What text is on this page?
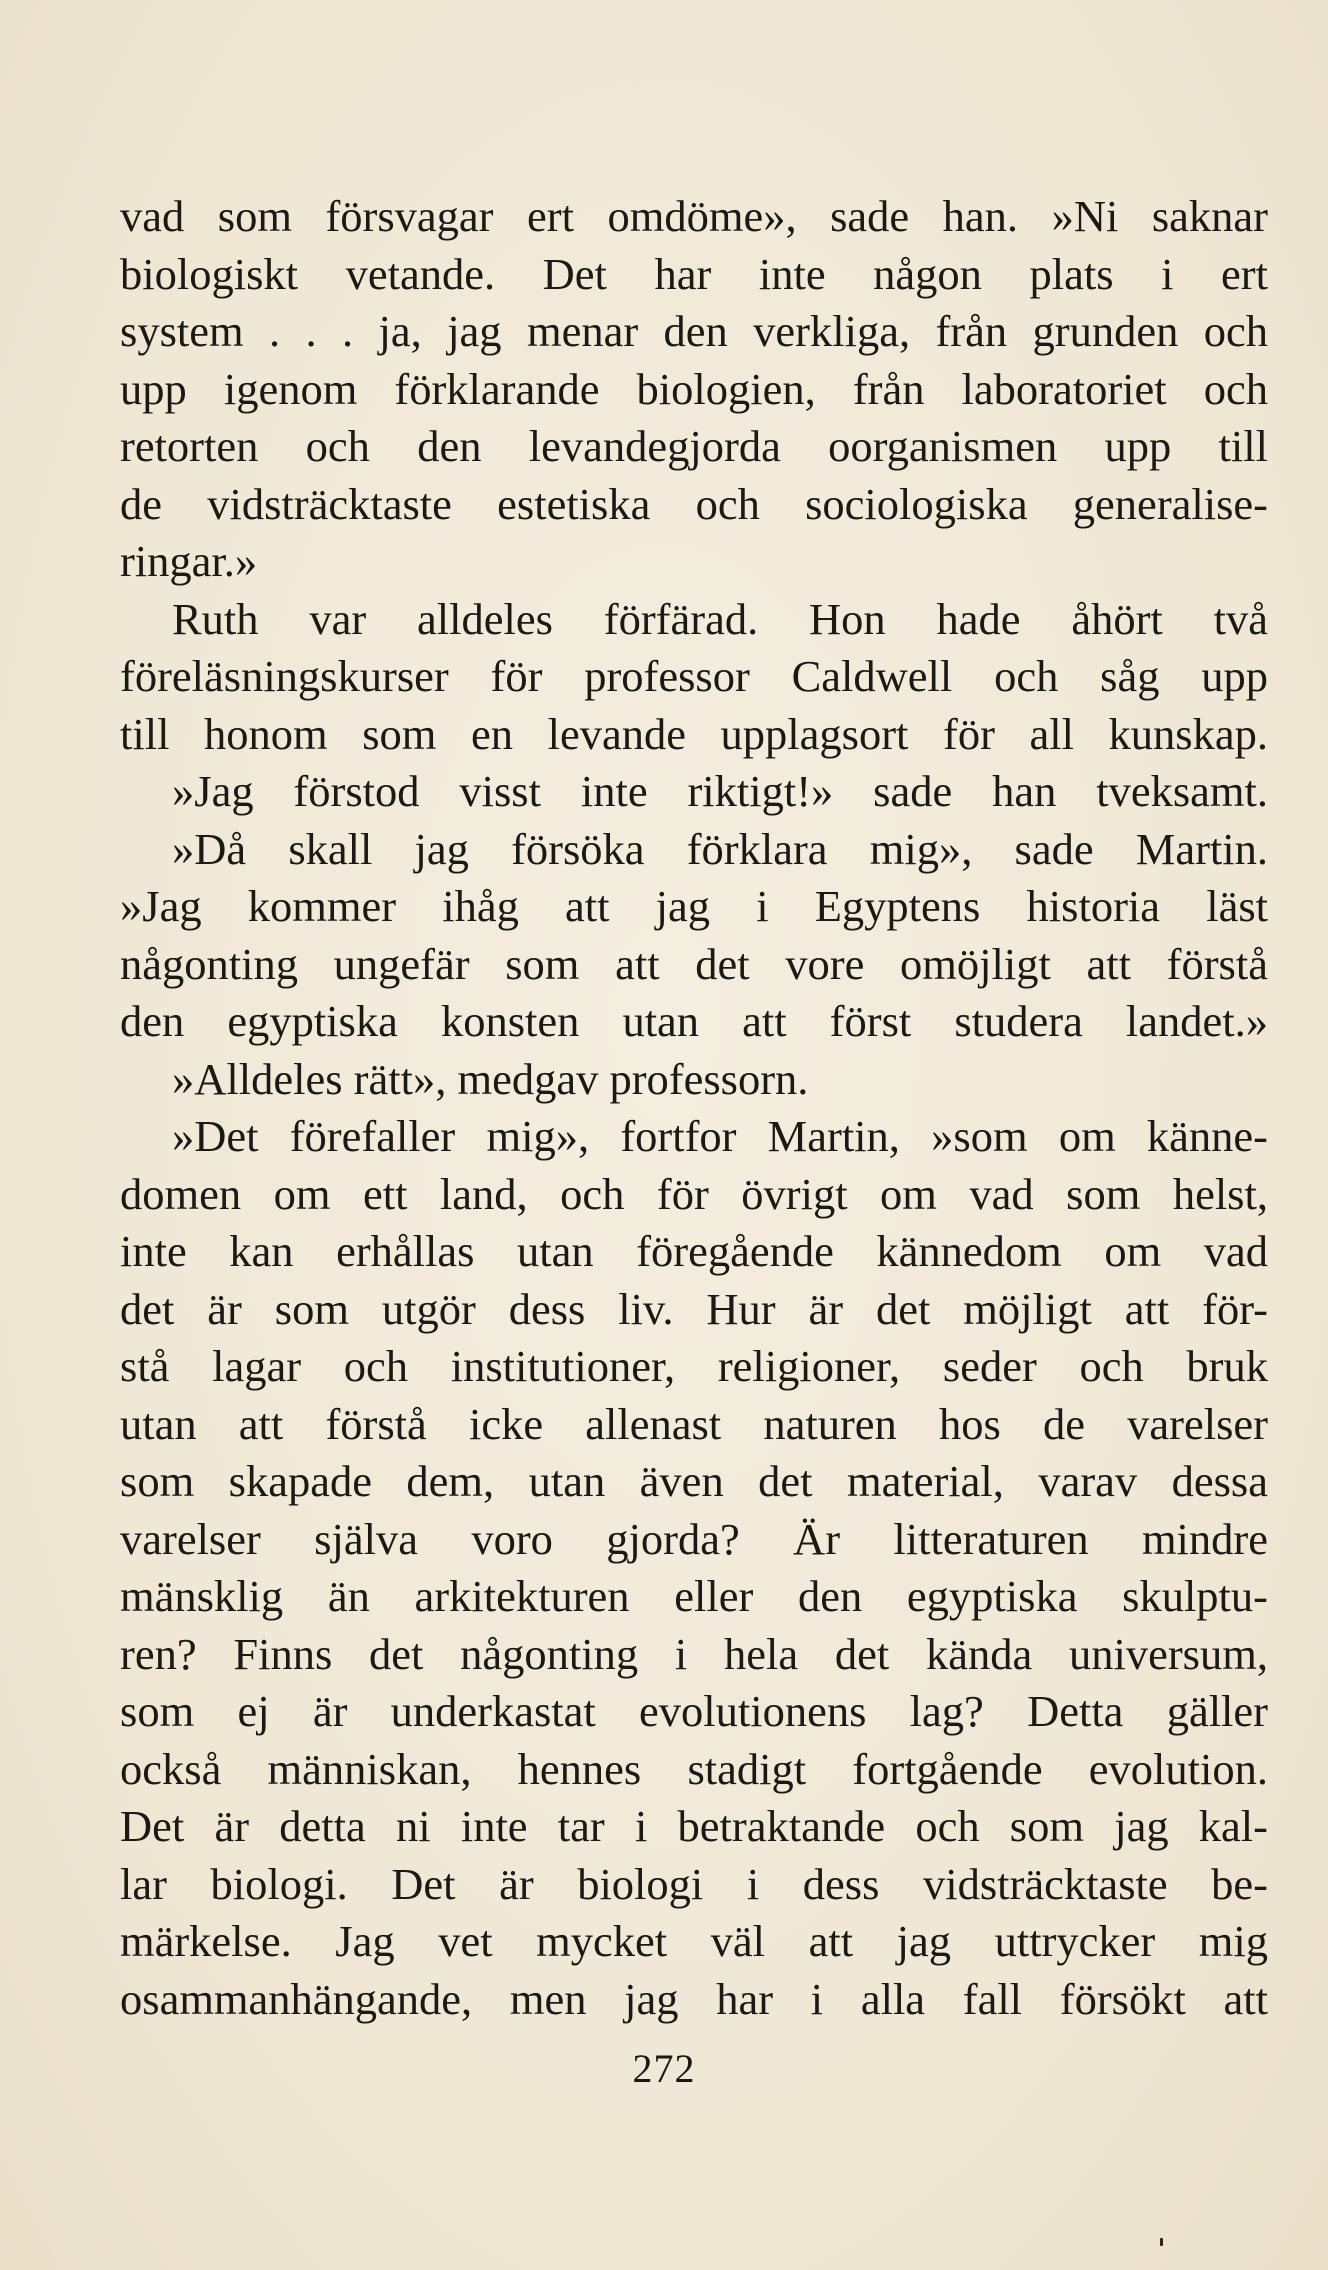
vad som försvagar ert omdöme», sade han. »Ni saknar
biologiskt vetande. Det har inte någon plats i ert
system . . . ja, jag menar den verkliga, från grunden och
upp igenom förklarande biologien, från laboratoriet och
retorten och den levandegjorda oorganismen upp till
de vidsträcktaste estetiska och sociologiska generalise-
ringar.»
Ruth var alldeles förfärad. Hon hade åhört två
föreläsningskurser för professor Caldwell och såg upp
till honom som en levande upplagsort för all kunskap.
»Jag förstod visst inte riktigt!» sade han tveksamt.
»Då skall jag försöka förklara mig», sade Martin.
»Jag kommer ihåg att jag i Egyptens historia läst
någonting ungefär som att det vore omöjligt att förstå
den egyptiska konsten utan att först studera landet.»
»Alldeles rätt», medgav professorn.
»Det förefaller mig», fortfor Martin, »som om känne-
domen om ett land, och för övrigt om vad som helst,
inte kan erhållas utan föregående kännedom om vad
det är som utgör dess liv. Hur är det möjligt att för-
stå lagar och institutioner, religioner, seder och bruk
utan att förstå icke allenast naturen hos de varelser
som skapade dem, utan även det material, varav dessa
varelser själva voro gjorda? Är litteraturen mindre
mänsklig än arkitekturen eller den egyptiska skulptu-
ren? Finns det någonting i hela det kända universum,
som ej är underkastat evolutionens lag? Detta gäller
också människan, hennes stadigt fortgående evolution.
Det är detta ni inte tar i betraktande och som jag kal-
lar biologi. Det är biologi i dess vidsträcktaste be-
märkelse. Jag vet mycket väl att jag uttrycker mig
osammanhängande, men jag har i alla fall försökt att
272
